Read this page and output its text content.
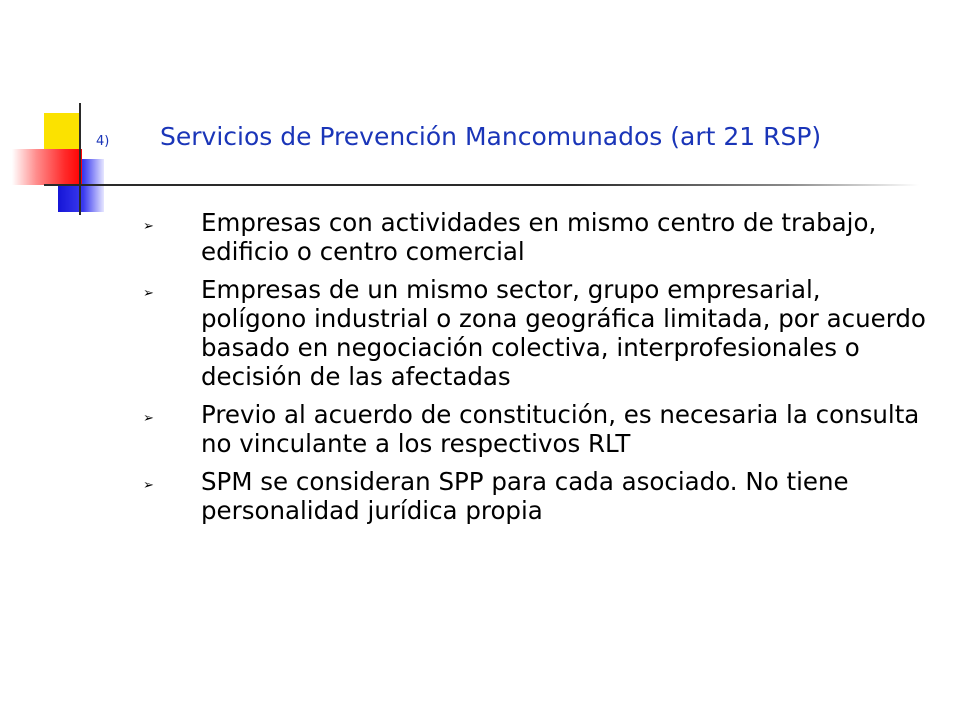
4) Servicios de Prevención Mancomunados (art 21 RSP)
➢ Empresas con actividades en mismo centro de trabajo, edificio o centro comercial
➢ Empresas de un mismo sector, grupo empresarial, polígono industrial o zona geográfica limitada, por acuerdo basado en negociación colectiva, interprofesionales o decisión de las afectadas
➢ Previo al acuerdo de constitución, es necesaria la consulta no vinculante a los respectivos RLT
➢ SPM se consideran SPP para cada asociado. No tiene personalidad jurídica propia
